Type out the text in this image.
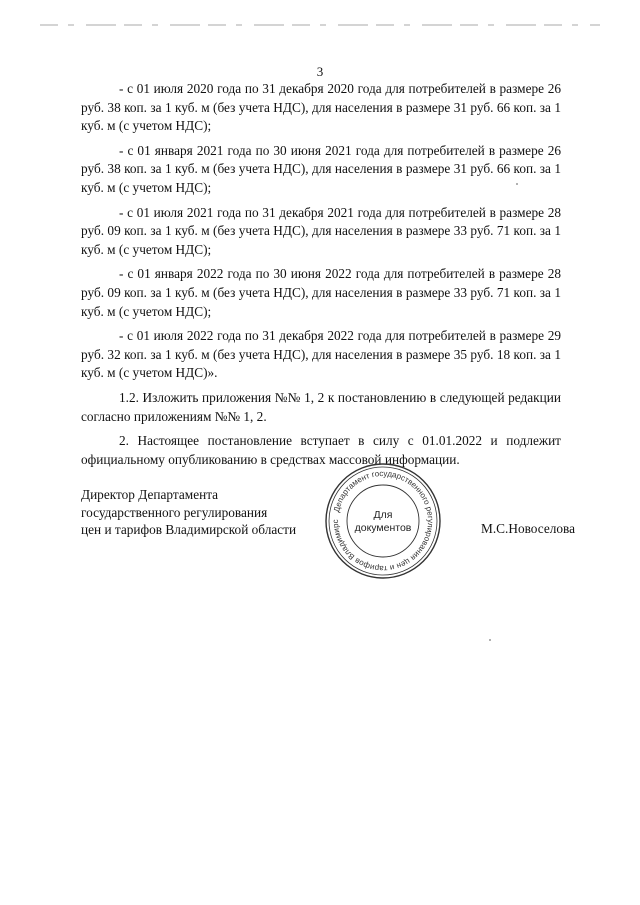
3

- с 01 июля 2020 года по 31 декабря 2020 года для потребителей в размере 26 руб. 38 коп. за 1 куб. м (без учета НДС), для населения в размере 31 руб. 66 коп. за 1 куб. м (с учетом НДС);

- с 01 января 2021 года по 30 июня 2021 года для потребителей в размере 26 руб. 38 коп. за 1 куб. м (без учета НДС), для населения в размере 31 руб. 66 коп. за 1 куб. м (с учетом НДС);

- с 01 июля 2021 года по 31 декабря 2021 года для потребителей в размере 28 руб. 09 коп. за 1 куб. м (без учета НДС), для населения в размере 33 руб. 71 коп. за 1 куб. м (с учетом НДС);

- с 01 января 2022 года по 30 июня 2022 года для потребителей в размере 28 руб. 09 коп. за 1 куб. м (без учета НДС), для населения в размере 33 руб. 71 коп. за 1 куб. м (с учетом НДС);

- с 01 июля 2022 года по 31 декабря 2022 года для потребителей в размере 29 руб. 32 коп. за 1 куб. м (без учета НДС), для населения в размере 35 руб. 18 коп. за 1 куб. м (с учетом НДС)».

1.2. Изложить приложения №№ 1, 2 к постановлению в следующей редакции согласно приложениям №№ 1, 2.

2. Настоящее постановление вступает в силу с 01.01.2022 и подлежит официальному опубликованию в средствах массовой информации.

Директор Департамента
государственного регулирования
цен и тарифов Владимирской области
Департамент государственного регулирования цен и тарифов Владимирс
Для
документов	М.С.Новоселова
